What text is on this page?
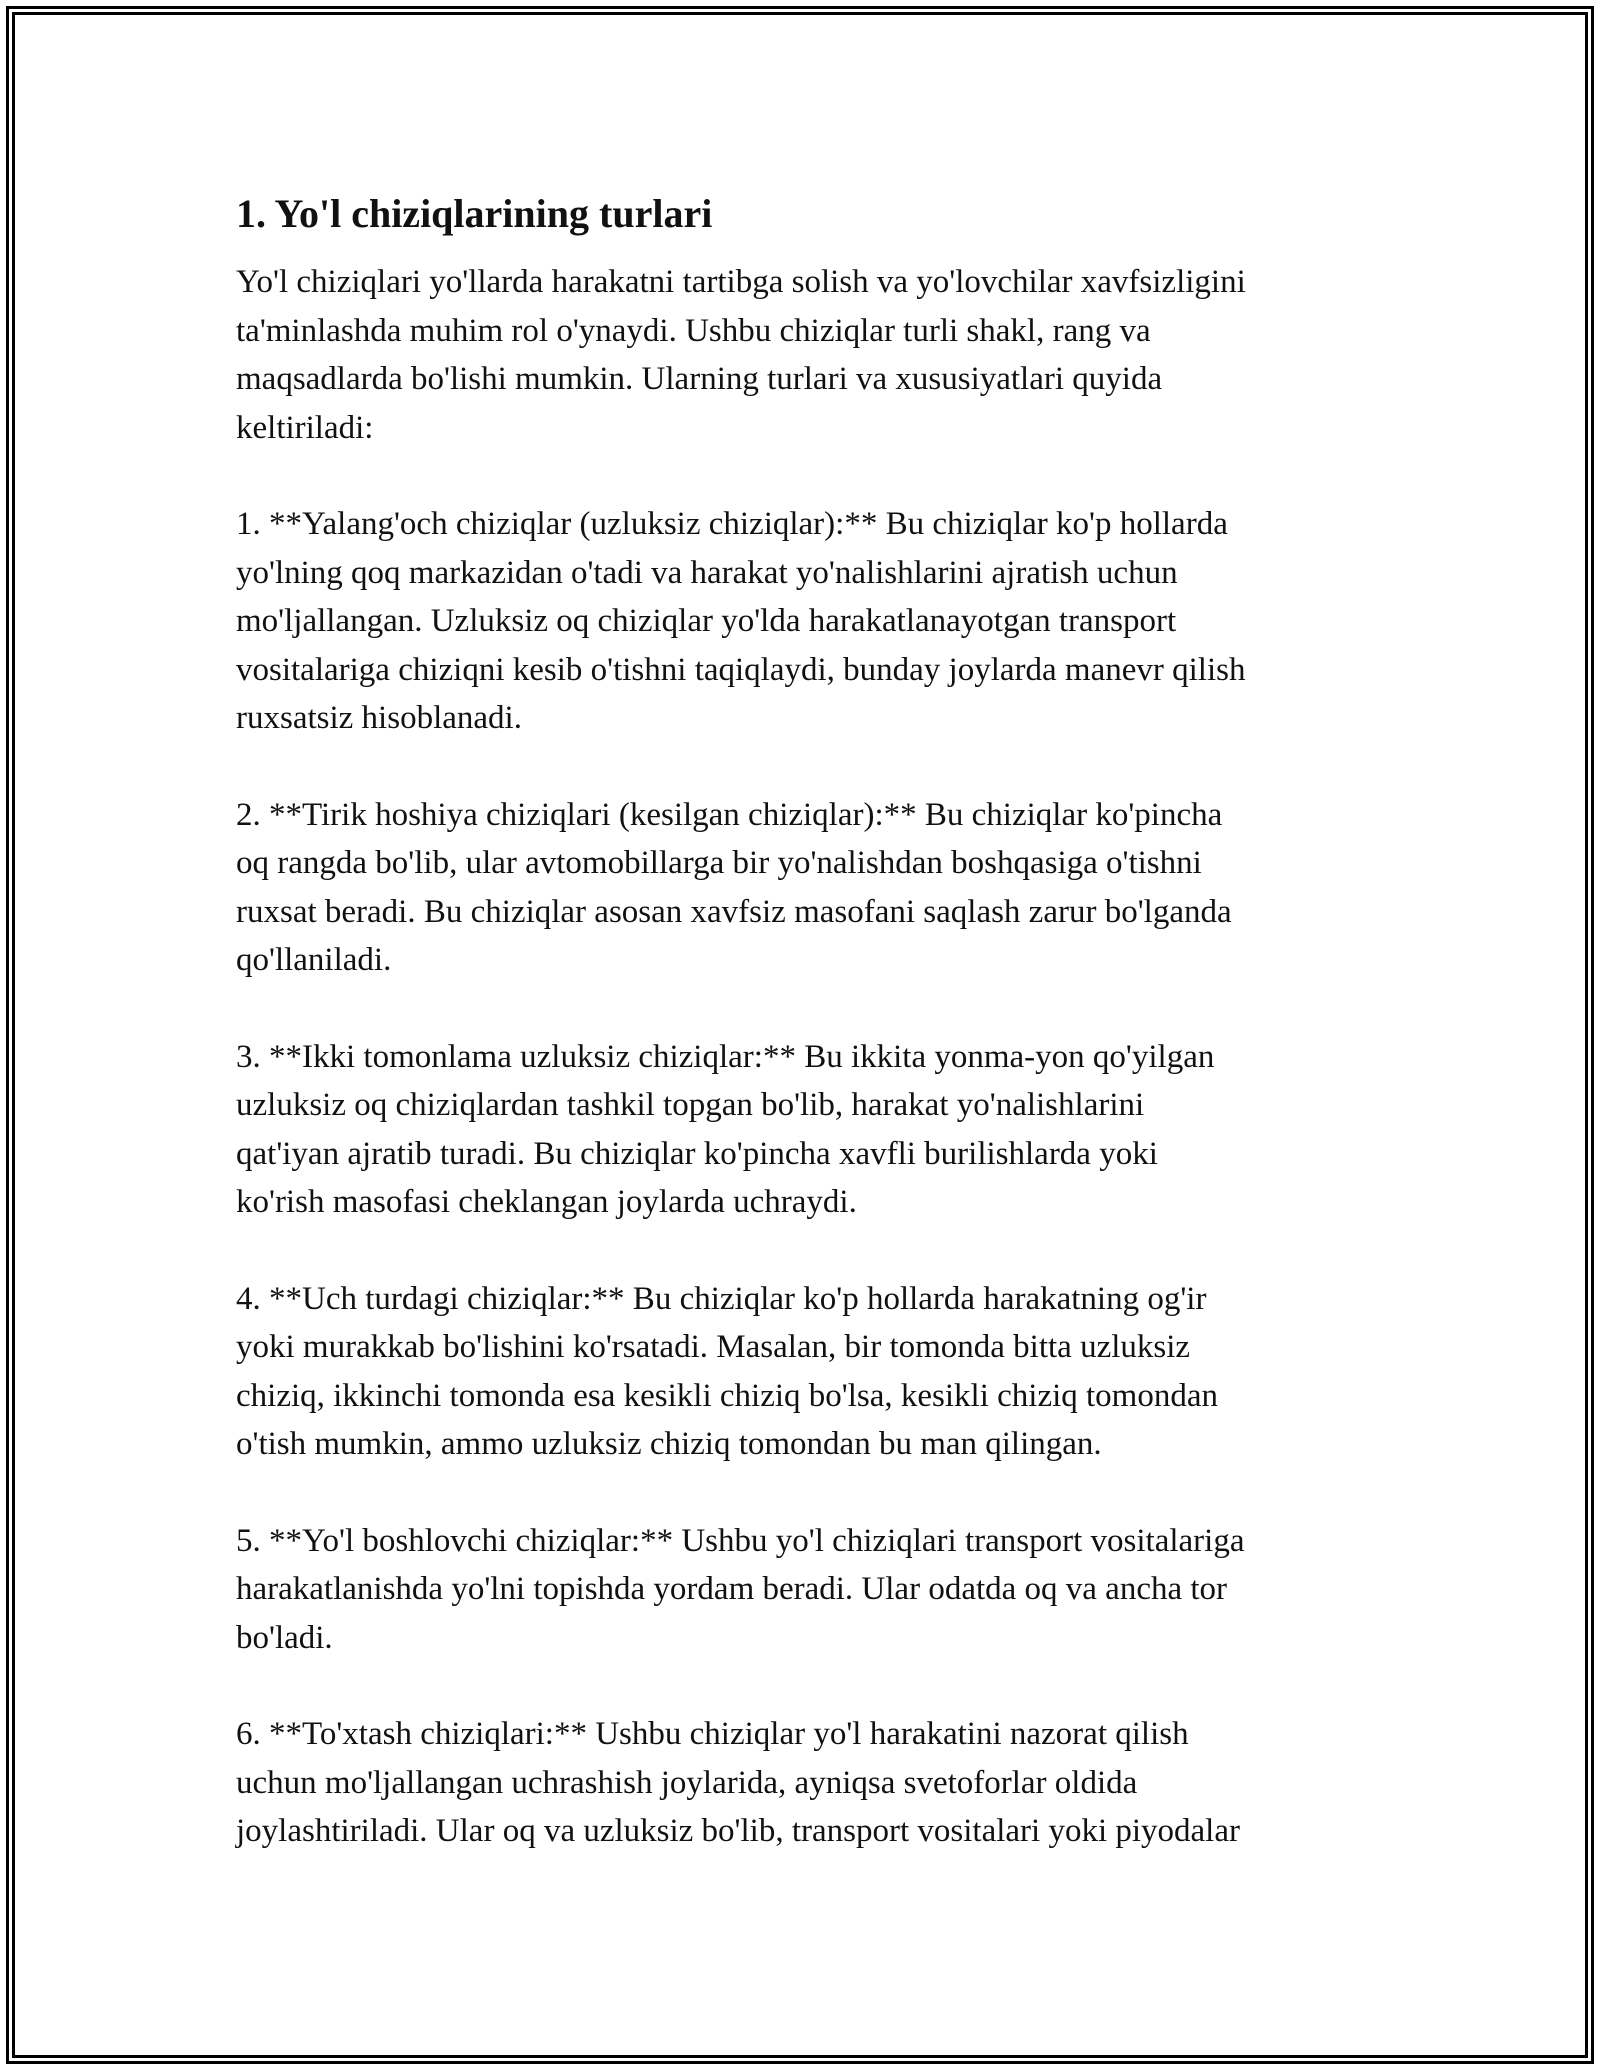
1. Yo'l chiziqlarining turlari

Yo'l chiziqlari yo'llarda harakatni tartibga solish va yo'lovchilar xavfsizligini
ta'minlashda muhim rol o'ynaydi. Ushbu chiziqlar turli shakl, rang va
maqsadlarda bo'lishi mumkin. Ularning turlari va xususiyatlari quyida
keltiriladi:

1. **Yalang'och chiziqlar (uzluksiz chiziqlar):** Bu chiziqlar ko'p hollarda
yo'lning qoq markazidan o'tadi va harakat yo'nalishlarini ajratish uchun
mo'ljallangan. Uzluksiz oq chiziqlar yo'lda harakatlanayotgan transport
vositalariga chiziqni kesib o'tishni taqiqlaydi, bunday joylarda manevr qilish
ruxsatsiz hisoblanadi.

2. **Tirik hoshiya chiziqlari (kesilgan chiziqlar):** Bu chiziqlar ko'pincha
oq rangda bo'lib, ular avtomobillarga bir yo'nalishdan boshqasiga o'tishni
ruxsat beradi. Bu chiziqlar asosan xavfsiz masofani saqlash zarur bo'lganda
qo'llaniladi.

3. **Ikki tomonlama uzluksiz chiziqlar:** Bu ikkita yonma-yon qo'yilgan
uzluksiz oq chiziqlardan tashkil topgan bo'lib, harakat yo'nalishlarini
qat'iyan ajratib turadi. Bu chiziqlar ko'pincha xavfli burilishlarda yoki
ko'rish masofasi cheklangan joylarda uchraydi.

4. **Uch turdagi chiziqlar:** Bu chiziqlar ko'p hollarda harakatning og'ir
yoki murakkab bo'lishini ko'rsatadi. Masalan, bir tomonda bitta uzluksiz
chiziq, ikkinchi tomonda esa kesikli chiziq bo'lsa, kesikli chiziq tomondan
o'tish mumkin, ammo uzluksiz chiziq tomondan bu man qilingan.

5. **Yo'l boshlovchi chiziqlar:** Ushbu yo'l chiziqlari transport vositalariga
harakatlanishda yo'lni topishda yordam beradi. Ular odatda oq va ancha tor
bo'ladi.

6. **To'xtash chiziqlari:** Ushbu chiziqlar yo'l harakatini nazorat qilish
uchun mo'ljallangan uchrashish joylarida, ayniqsa svetoforlar oldida
joylashtiriladi. Ular oq va uzluksiz bo'lib, transport vositalari yoki piyodalar
